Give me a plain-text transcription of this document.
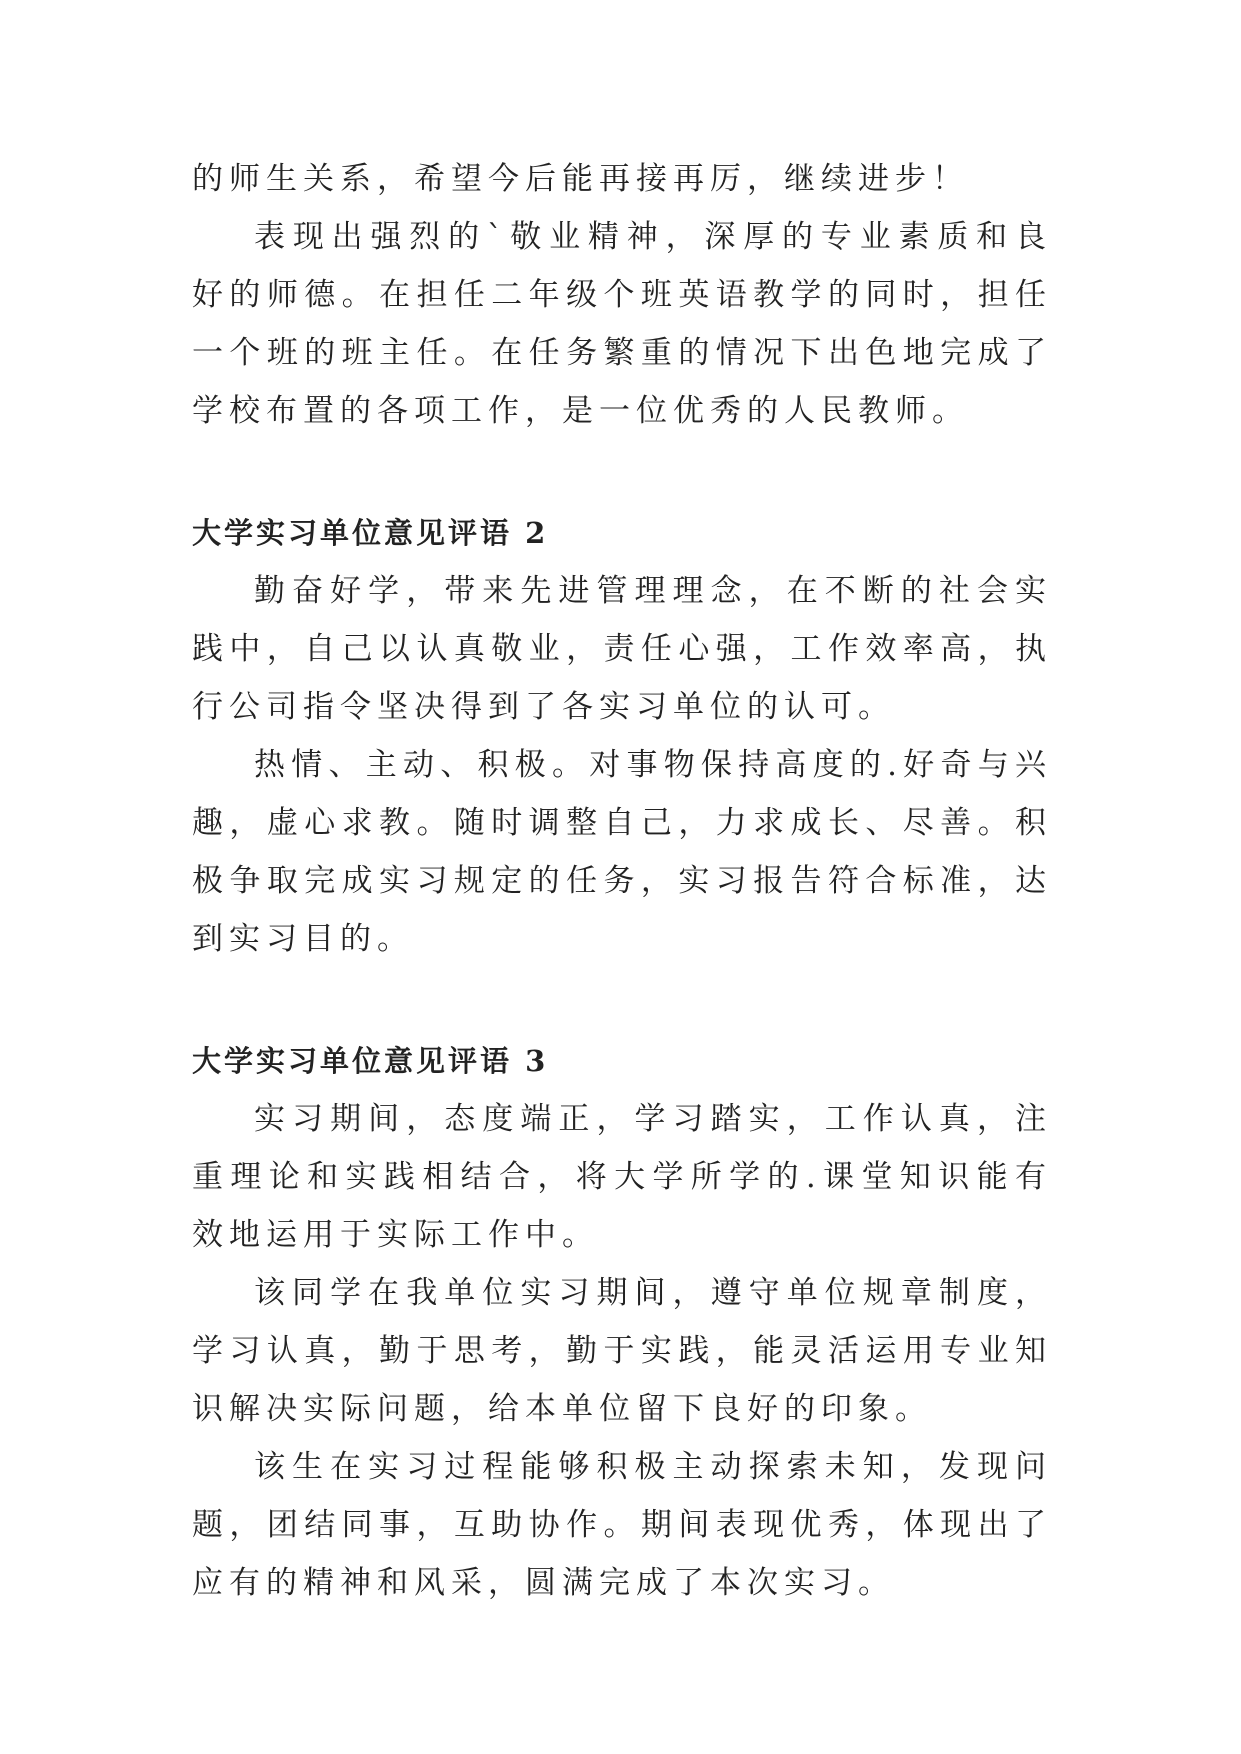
的师生关系，希望今后能再接再厉，继续进步！

表现出强烈的`敬业精神，深厚的专业素质和良好的师德。在担任二年级个班英语教学的同时，担任一个班的班主任。在任务繁重的情况下出色地完成了学校布置的各项工作，是一位优秀的人民教师。

大学实习单位意见评语 2

勤奋好学，带来先进管理理念，在不断的社会实践中，自己以认真敬业，责任心强，工作效率高，执行公司指令坚决得到了各实习单位的认可。

热情、主动、积极。对事物保持高度的.好奇与兴趣，虚心求教。随时调整自己，力求成长、尽善。积极争取完成实习规定的任务，实习报告符合标准，达到实习目的。

大学实习单位意见评语 3

实习期间，态度端正，学习踏实，工作认真，注重理论和实践相结合，将大学所学的.课堂知识能有效地运用于实际工作中。

该同学在我单位实习期间，遵守单位规章制度，学习认真，勤于思考，勤于实践，能灵活运用专业知识解决实际问题，给本单位留下良好的印象。

该生在实习过程能够积极主动探索未知，发现问题，团结同事，互助协作。期间表现优秀，体现出了应有的精神和风采，圆满完成了本次实习。
